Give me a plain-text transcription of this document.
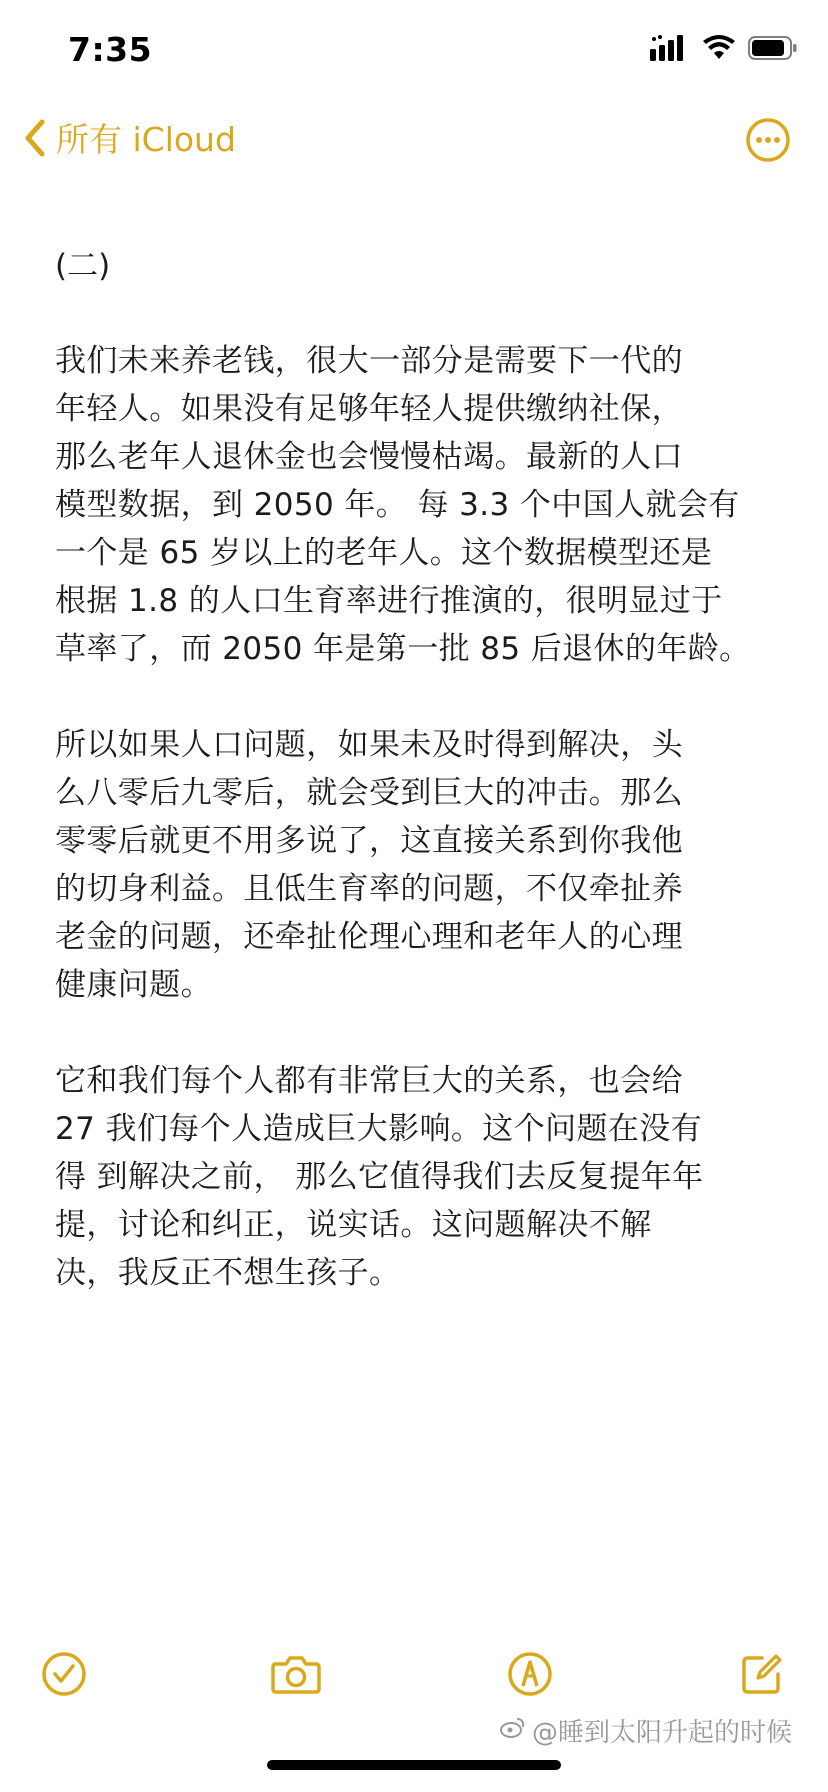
7:35
所有 iCloud
(二)
我们未来养老钱，很大一部分是需要下一代的
年轻人。如果没有足够年轻人提供缴纳社保，
那么老年人退休金也会慢慢枯竭。最新的人口
模型数据，到 2050 年。 每 3.3 个中国人就会有
一个是 65 岁以上的老年人。这个数据模型还是
根据 1.8 的人口生育率进行推演的，很明显过于
草率了，而 2050 年是第一批 85 后退休的年龄。
所以如果人口问题，如果未及时得到解决，头
么八零后九零后，就会受到巨大的冲击。那么
零零后就更不用多说了，这直接关系到你我他
的切身利益。且低生育率的问题，不仅牵扯养
老金的问题，还牵扯伦理心理和老年人的心理
健康问题。
它和我们每个人都有非常巨大的关系，也会给
27 我们每个人造成巨大影响。这个问题在没有
得 到解决之前， 那么它值得我们去反复提年年
提，讨论和纠正，说实话。这问题解决不解
决，我反正不想生孩子。
@睡到太阳升起的时候
